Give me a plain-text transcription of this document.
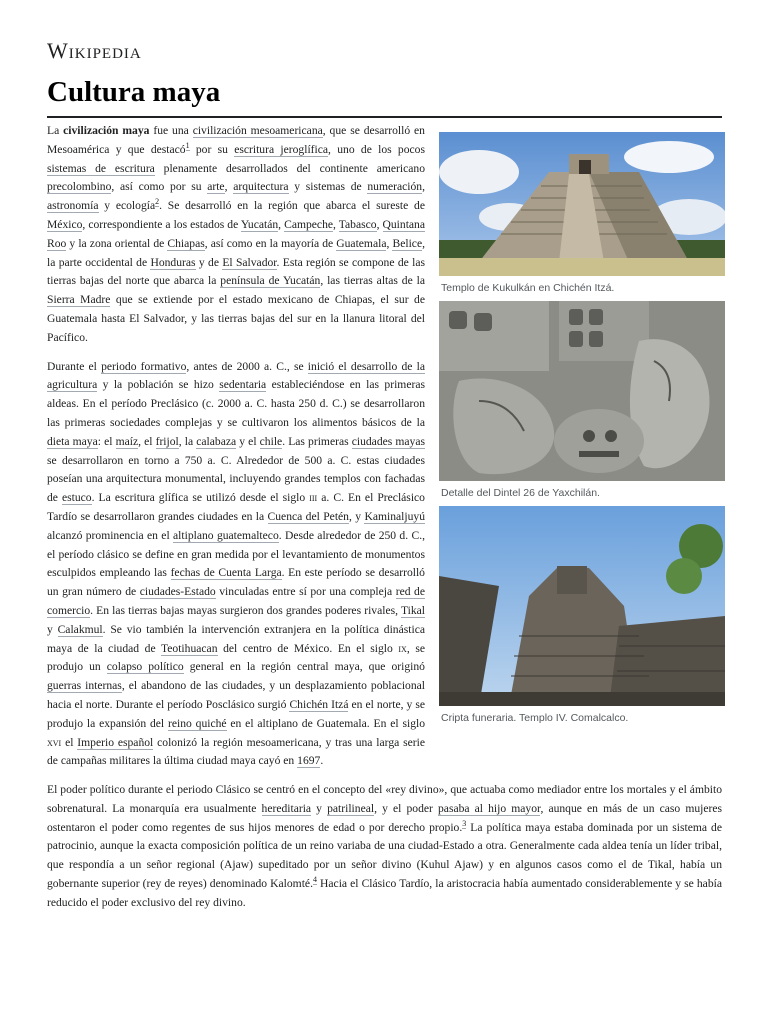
Wikipedia
Cultura maya
Templo de Kukulkán en Chichén Itzá.
Detalle del Dintel 26 de Yaxchilán.
Cripta funeraria. Templo IV. Comalcalco.

La civilización maya fue una civilización mesoamericana, que se desarrolló en Mesoamérica y que destacó$^1$ por su escritura jeroglífica, uno de los pocos sistemas de escritura plenamente desarrollados del continente americano precolombino, así como por su arte, arquitectura y sistemas de numeración, astronomía y ecología$^2$. Se desarrolló en la región que abarca el sureste de México, correspondiente a los estados de Yucatán, Campeche, Tabasco, Quintana Roo y la zona oriental de Chiapas, así como en la mayoría de Guatemala, Belice, la parte occidental de Honduras y de El Salvador. Esta región se compone de las tierras bajas del norte que abarca la península de Yucatán, las tierras altas de la Sierra Madre que se extiende por el estado mexicano de Chiapas, el sur de Guatemala hasta El Salvador, y las tierras bajas del sur en la llanura litoral del Pacífico.

Durante el periodo formativo, antes de 2000 a. C., se inició el desarrollo de la agricultura y la población se hizo sedentaria estableciéndose en las primeras aldeas. En el período Preclásico (c. 2000 a. C. hasta 250 d. C.) se desarrollaron las primeras sociedades complejas y se cultivaron los alimentos básicos de la dieta maya: el maíz, el frijol, la calabaza y el chile. Las primeras ciudades mayas se desarrollaron en torno a 750 a. C. Alrededor de 500 a. C. estas ciudades poseían una arquitectura monumental, incluyendo grandes templos con fachadas de estuco. La escritura glífica se utilizó desde el siglo iii a. C. En el Preclásico Tardío se desarrollaron grandes ciudades en la Cuenca del Petén, y Kaminaljuyú alcanzó prominencia en el altiplano guatemalteco. Desde alrededor de 250 d. C., el período clásico se define en gran medida por el levantamiento de monumentos esculpidos empleando las fechas de Cuenta Larga. En este período se desarrolló un gran número de ciudades-Estado vinculadas entre sí por una compleja red de comercio. En las tierras bajas mayas surgieron dos grandes poderes rivales, Tikal y Calakmul. Se vio también la intervención extranjera en la política dinástica maya de la ciudad de Teotihuacan del centro de México. En el siglo ix, se produjo un colapso político general en la región central maya, que originó guerras internas, el abandono de las ciudades, y un desplazamiento poblacional hacia el norte. Durante el período Posclásico surgió Chichén Itzá en el norte, y se produjo la expansión del reino quiché en el altiplano de Guatemala. En el siglo xvi el Imperio español colonizó la región mesoamericana, y tras una larga serie de campañas militares la última ciudad maya cayó en 1697.

El poder político durante el periodo Clásico se centró en el concepto del «rey divino», que actuaba como mediador entre los mortales y el ámbito sobrenatural. La monarquía era usualmente hereditaria y patrilineal, y el poder pasaba al hijo mayor, aunque en más de un caso mujeres ostentaron el poder como regentes de sus hijos menores de edad o por derecho propio.$^3$ La política maya estaba dominada por un sistema de patrocinio, aunque la exacta composición política de un reino variaba de una ciudad-Estado a otra. Generalmente cada aldea tenía un líder tribal, que respondía a un señor regional (Ajaw) supeditado por un señor divino (Kuhul Ajaw) y en algunos casos como el de Tikal, había un gobernante superior (rey de reyes) denominado Kalomté.$^4$ Hacia el Clásico Tardío, la aristocracia había aumentado considerablemente y se había reducido el poder exclusivo del rey divino.
